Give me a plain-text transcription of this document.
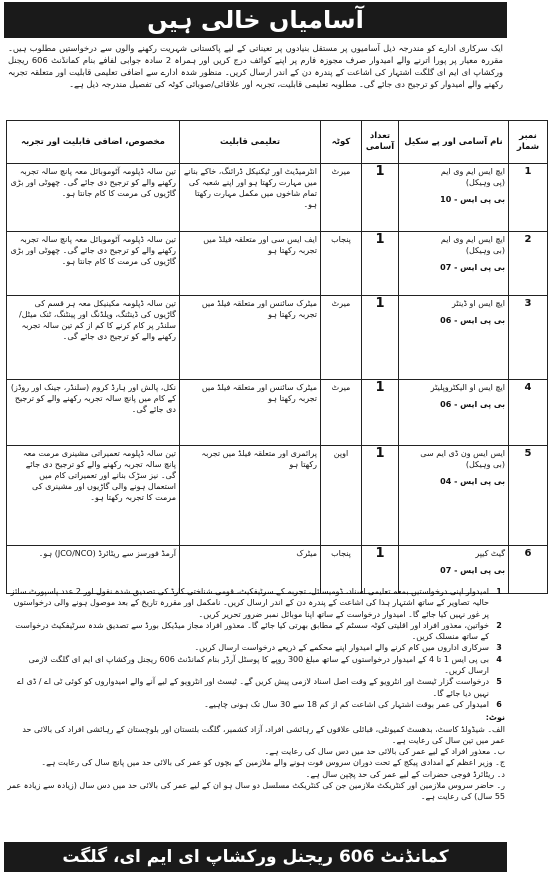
آسامیاں خالی ہیں
ایک سرکاری ادارے کو مندرجہ ذیل آسامیوں پر مستقل بنیادوں پر تعیناتی کے لیے پاکستانی شہریت رکھنے والوں سے درخواستیں مطلوب ہیں۔ مقررہ معیار پر پورا اترنے والے امیدوار صرف مجوزہ فارم پر اپنے کوائف درج کریں اور ہمراہ 2 سادہ جوابی لفافے بنام کمانڈنٹ 606 ریجنل ورکشاپ ای ایم ای گلگت اشتہار کی اشاعت کے پندرہ دن کے اندر ارسال کریں۔ منظور شدہ ادارے سے اضافی تعلیمی قابلیت اور متعلقہ تجربہ رکھنے والے امیدوار کو ترجیح دی جائے گی۔ مطلوبہ تعلیمی قابلیت، تجربہ اور علاقائی/صوبائی کوٹہ کی تفصیل مندرجہ ذیل ہے۔
نمبر شمار	نام آسامی اور پے سکیل	تعداد آسامی	کوٹہ	تعلیمی قابلیت	مخصوص، اضافی قابلیت اور تجربہ
1	ایچ ایس ایم وی ایم
(پی وہیکل)
بی پی ایس - 10	1	میرٹ	انٹرمیڈیٹ اور ٹیکنیکل ڈرائنگ، خاکے بنانے میں مہارت رکھتا ہو اور اپنے شعبہ کی تمام شاخوں میں مکمل مہارت رکھتا ہو۔	تین سالہ ڈپلومہ آٹوموبائل معہ پانچ سالہ تجربہ رکھنے والے کو ترجیح دی جائے گی۔ چھوٹی اور بڑی گاڑیوں کی مرمت کا کام جانتا ہو۔
2	ایچ ایس ایم وی ایم
(بی وہیکل)
بی پی ایس - 07	1	پنجاب	ایف ایس سی اور متعلقہ فیلڈ میں تجربہ رکھتا ہو	تین سالہ ڈپلومہ آٹوموبائل معہ پانچ سالہ تجربہ رکھنے والے کو ترجیح دی جائے گی۔ چھوٹی اور بڑی گاڑیوں کی مرمت کا کام جانتا ہو۔
3	ایچ ایس او ڈینٹر
بی پی ایس - 06	1	میرٹ	میٹرک سائنس اور متعلقہ فیلڈ میں تجربہ رکھتا ہو	تین سالہ ڈپلومہ مکینیکل معہ ہر قسم کی گاڑیوں کی ڈینٹنگ، ویلڈنگ اور پینٹنگ، ٹنک میٹل/سلنڈر پر کام کرنے کا کم از کم تین سالہ تجربہ رکھنے والے کو ترجیح دی جائے گی۔
4	ایچ ایس او الیکٹروپلیٹر
بی پی ایس - 06	1	میرٹ	میٹرک سائنس اور متعلقہ فیلڈ میں تجربہ رکھتا ہو	نکل، پالش اور ہارڈ کروم (سلنڈر، جینک اور روڈز) کے کام میں پانچ سالہ تجربہ رکھنے والے کو ترجیح دی جائے گی۔
5	ایس ایس ون ڈی ایم سی
(بی وہیکل)
بی پی ایس - 04	1	اوپن	پرائمری اور متعلقہ فیلڈ میں تجربہ رکھتا ہو	تین سالہ ڈپلومہ تعمیراتی مشینری مرمت معہ پانچ سالہ تجربہ رکھنے والے کو ترجیح دی جائے گی۔ نیز سڑک بنانے اور تعمیراتی کام میں استعمال ہونے والی گاڑیوں اور مشینری کی مرمت کا تجربہ رکھتا ہو۔
6	گیٹ کیپر
بی پی ایس - 07	1	پنجاب	میٹرک	آرمڈ فورسز سے ریٹائرڈ (JCO/NCO) ہو۔
1
امیدوار اپنی درخواستیں بمعہ تعلیمی اسناد، ڈومیسائل، تجربہ کے سرٹیفکیٹ، قومی شناختی کارڈ کی تصدیق شدہ نقول اور 2 عدد پاسپورٹ سائز حالیہ تصاویر کے ساتھ اشتہار ہذا کی اشاعت کے پندرہ دن کے اندر ارسال کریں۔ نامکمل اور مقررہ تاریخ کے بعد موصول ہونے والی درخواستوں پر غور نہیں کیا جائے گا۔ امیدوار درخواست کے ساتھ اپنا موبائل نمبر ضرور تحریر کریں۔
2
خواتین، معذور افراد اور اقلیتی کوٹہ سسٹم کے مطابق بھرتی کیا جائے گا۔ معذور افراد مجاز میڈیکل بورڈ سے تصدیق شدہ سرٹیفکیٹ درخواست کے ساتھ منسلک کریں۔
3
سرکاری اداروں میں کام کرنے والے امیدوار اپنے محکمے کے ذریعے درخواست ارسال کریں۔
4
بی پی ایس 1 تا 4 کے امیدوار درخواستوں کے ساتھ مبلغ 300 روپے کا پوسٹل آرڈر بنام کمانڈنٹ 606 ریجنل ورکشاپ ای ایم ای گلگت لازمی ارسال کریں۔
5
درخواست گزار ٹیسٹ اور انٹرویو کے وقت اصل اسناد لازمی پیش کریں گے۔ ٹیسٹ اور انٹرویو کے لیے آنے والے امیدواروں کو کوئی ٹی اے / ڈی اے نہیں دیا جائے گا۔
6
امیدوار کی عمر بوقت اشتہار کی اشاعت کم از کم 18 سے 30 سال تک ہونی چاہیے۔
نوٹ:
الف۔ شیڈولڈ کاسٹ، بدھسٹ کمیونٹی، قبائلی علاقوں کے رہائشی افراد، آزاد کشمیر، گلگت بلتستان اور بلوچستان کے رہائشی افراد کی بالائی حد عمر میں تین سال کی رعایت ہے۔
ب۔ معذور افراد کے لیے عمر کی بالائی حد میں دس سال کی رعایت ہے۔
ج۔ وزیر اعظم کے امدادی پیکج کے تحت دوران سروس فوت ہونے والے ملازمین کے بچوں کو عمر کی بالائی حد میں پانچ سال کی رعایت ہے۔
د۔ ریٹائرڈ فوجی حضرات کے لیے عمر کی حد پچپن سال ہے۔
ر۔ حاضر سروس ملازمین اور کنٹریکٹ ملازمین جن کی کنٹریکٹ مسلسل دو سال ہو ان کے لیے عمر کی بالائی حد میں دس سال (زیادہ سے زیادہ عمر 55 سال) کی رعایت ہے۔
کمانڈنٹ 606 ریجنل ورکشاپ ای ایم ای، گلگت
